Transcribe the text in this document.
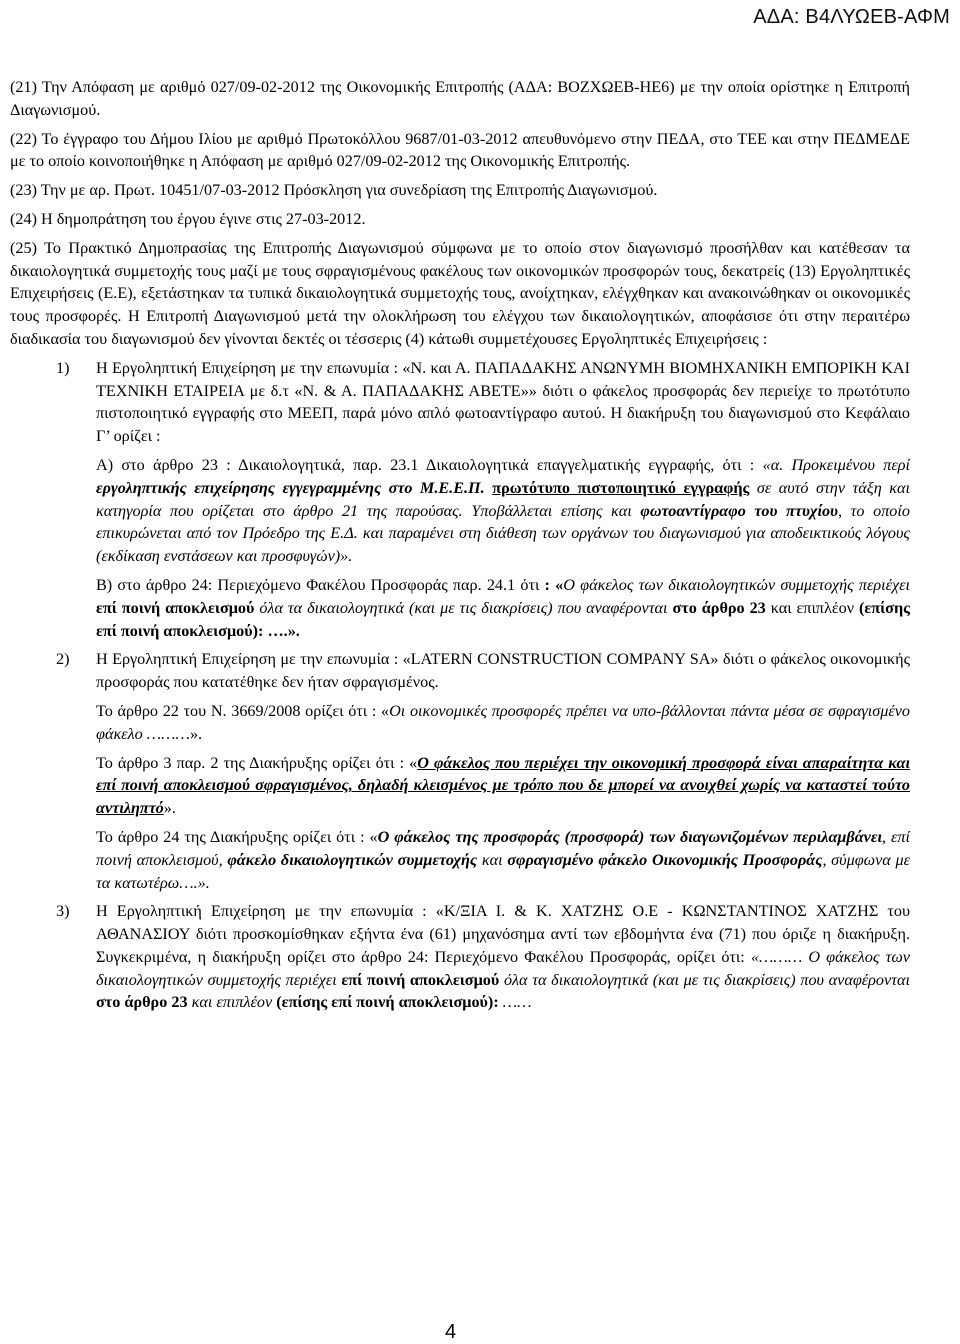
ΑΔΑ: Β4ΛΥΩΕΒ-ΑΦΜ

(21) Την Απόφαση με αριθμό 027/09-02-2012 της Οικονομικής Επιτροπής (ΑΔΑ: ΒΟΖΧΩΕΒ-ΗΕ6) με την οποία ορίστηκε η Επιτροπή Διαγωνισμού.

(22) Το έγγραφο του Δήμου Ιλίου με αριθμό Πρωτοκόλλου 9687/01-03-2012 απευθυνόμενο στην ΠΕΔΑ, στο ΤΕΕ και στην ΠΕΔΜΕΔΕ με το οποίο κοινοποιήθηκε η Απόφαση με αριθμό 027/09-02-2012 της Οικονομικής Επιτροπής.

(23) Την με αρ. Πρωτ. 10451/07-03-2012 Πρόσκληση για συνεδρίαση της Επιτροπής Διαγωνισμού.

(24) Η δημοπράτηση του έργου έγινε στις 27-03-2012.

(25) Το Πρακτικό Δημοπρασίας της Επιτροπής Διαγωνισμού σύμφωνα με το οποίο στον διαγωνισμό προσήλθαν και κατέθεσαν τα δικαιολογητικά συμμετοχής τους μαζί με τους σφραγισμένους φακέλους των οικονομικών προσφορών τους, δεκατρείς (13) Εργοληπτικές Επιχειρήσεις (Ε.Ε), εξετάστηκαν τα τυπικά δικαιολογητικά συμμετοχής τους, ανοίχτηκαν, ελέγχθηκαν και ανακοινώθηκαν οι οικονομικές τους προσφορές. Η Επιτροπή Διαγωνισμού μετά την ολοκλήρωση του ελέγχου των δικαιολογητικών, αποφάσισε ότι στην περαιτέρω διαδικασία του διαγωνισμού δεν γίνονται δεκτές οι τέσσερις (4) κάτωθι συμμετέχουσες Εργοληπτικές Επιχειρήσεις :

1)	Η Εργοληπτική Επιχείρηση με την επωνυμία : «Ν. και Α. ΠΑΠΑΔΑΚΗΣ ΑΝΩΝΥΜΗ ΒΙΟΜΗΧΑΝΙΚΗ ΕΜΠΟΡΙΚΗ ΚΑΙ ΤΕΧΝΙΚΗ ΕΤΑΙΡΕΙΑ με δ.τ «Ν. & Α. ΠΑΠΑΔΑΚΗΣ ΑΒΕΤΕ»» διότι ο φάκελος προσφοράς δεν περιείχε το πρωτότυπο πιστοποιητικό εγγραφής στο ΜΕΕΠ, παρά μόνο απλό φωτοαντίγραφο αυτού. Η διακήρυξη του διαγωνισμού στο Κεφάλαιο Γ’ ορίζει :

Α) στο άρθρο 23 : Δικαιολογητικά, παρ. 23.1 Δικαιολογητικά επαγγελματικής εγγραφής, ότι : «α. Προκειμένου περί εργοληπτικής επιχείρησης εγγεγραμμένης στο Μ.Ε.Ε.Π. πρωτότυπο πιστοποιητικό εγγραφής σε αυτό στην τάξη και κατηγορία που ορίζεται στο άρθρο 21 της παρούσας. Υποβάλλεται επίσης και φωτοαντίγραφο του πτυχίου, το οποίο επικυρώνεται από τον Πρόεδρο της Ε.Δ. και παραμένει στη διάθεση των οργάνων του διαγωνισμού για αποδεικτικούς λόγους (εκδίκαση ενστάσεων και προσφυγών)».

Β) στο άρθρο 24: Περιεχόμενο Φακέλου Προσφοράς παρ. 24.1 ότι : «Ο φάκελος των δικαιολογητικών συμμετοχής περιέχει επί ποινή αποκλεισμού όλα τα δικαιολογητικά (και με τις διακρίσεις) που αναφέρονται στο άρθρο 23 και επιπλέον (επίσης επί ποινή αποκλεισμού): ….».

2)	Η Εργοληπτική Επιχείρηση με την επωνυμία : «LATERN CONSTRUCTION COMPANY SA» διότι ο φάκελος οικονομικής προσφοράς που κατατέθηκε δεν ήταν σφραγισμένος.

Το άρθρο 22 του Ν. 3669/2008 ορίζει ότι : «Οι οικονομικές προσφορές πρέπει να υπο-βάλλονται πάντα μέσα σε σφραγισμένο φάκελο ………».

Το άρθρο 3 παρ. 2 της Διακήρυξης ορίζει ότι : «Ο φάκελος που περιέχει την οικονομική προσφορά είναι απαραίτητα και επί ποινή αποκλεισμού σφραγισμένος, δηλαδή κλεισμένος με τρόπο που δε μπορεί να ανοιχθεί χωρίς να καταστεί τούτο αντιληπτό».

Το άρθρο 24 της Διακήρυξης ορίζει ότι : «Ο φάκελος της προσφοράς (προσφορά) των διαγωνιζομένων περιλαμβάνει, επί ποινή αποκλεισμού, φάκελο δικαιολογητικών συμμετοχής και σφραγισμένο φάκελο Οικονομικής Προσφοράς, σύμφωνα με τα κατωτέρω….».

3)	Η Εργοληπτική Επιχείρηση με την επωνυμία : «Κ/ΞΙΑ Ι. & Κ. ΧΑΤΖΗΣ Ο.Ε - ΚΩΝΣΤΑΝΤΙΝΟΣ ΧΑΤΖΗΣ του ΑΘΑΝΑΣΙΟΥ διότι προσκομίσθηκαν εξήντα ένα (61) μηχανόσημα αντί των εβδομήντα ένα (71) που όριζε η διακήρυξη. Συγκεκριμένα, η διακήρυξη ορίζει στο άρθρο 24: Περιεχόμενο Φακέλου Προσφοράς, ορίζει ότι: «……… Ο φάκελος των δικαιολογητικών συμμετοχής περιέχει επί ποινή αποκλεισμού όλα τα δικαιολογητικά (και με τις διακρίσεις) που αναφέρονται στο άρθρο 23 και επιπλέον (επίσης επί ποινή αποκλεισμού): ……
4
